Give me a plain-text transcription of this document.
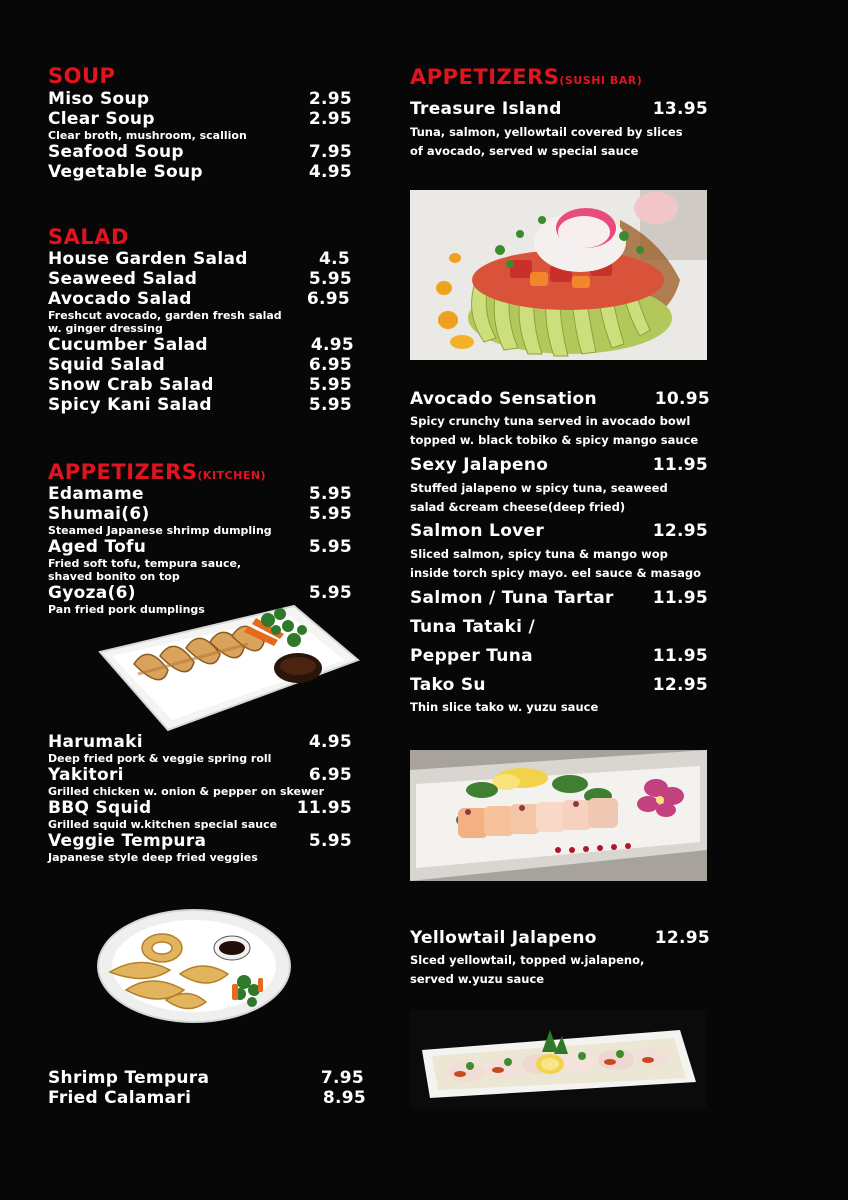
SOUP
Miso Soup	2.95
Clear Soup	2.95
Clear broth, mushroom, scallion
Seafood Soup	7.95
Vegetable Soup	4.95
SALAD
House Garden Salad	4.5
Seaweed Salad	5.95
Avocado Salad	6.95
Freshcut avocado, garden fresh salad
w. ginger dressing
Cucumber Salad	4.95
Squid Salad	6.95
Snow Crab Salad	5.95
Spicy Kani Salad	5.95
APPETIZERS(KITCHEN)
Edamame	5.95
Shumai(6)	5.95
Steamed Japanese shrimp dumpling
Aged Tofu	5.95
Fried soft tofu, tempura sauce,
shaved bonito on top
Gyoza(6)	5.95
Pan fried pork dumplings
Harumaki	4.95
Deep fried pork & veggie spring roll
Yakitori	6.95
Grilled chicken w. onion & pepper on skewer
BBQ Squid	11.95
Grilled squid w.kitchen special sauce
Veggie Tempura	5.95
Japanese style deep fried veggies
Shrimp Tempura	7.95
Fried Calamari	8.95
APPETIZERS(SUSHI BAR)
Treasure Island	13.95
Tuna, salmon, yellowtail covered by slices
of avocado, served w special sauce
Avocado Sensation	10.95
Spicy crunchy tuna served in avocado bowl
topped w. black tobiko & spicy mango sauce
Sexy Jalapeno	11.95
Stuffed jalapeno w spicy tuna, seaweed
salad &cream cheese(deep fried)
Salmon Lover	12.95
Sliced salmon, spicy tuna & mango wop
inside torch spicy mayo. eel sauce & masago
Salmon / Tuna Tartar	11.95
Tuna Tataki /
Pepper Tuna	11.95
Tako Su	12.95
Thin slice tako w. yuzu sauce
Yellowtail Jalapeno	12.95
Slced yellowtail, topped w.jalapeno,
served w.yuzu sauce
